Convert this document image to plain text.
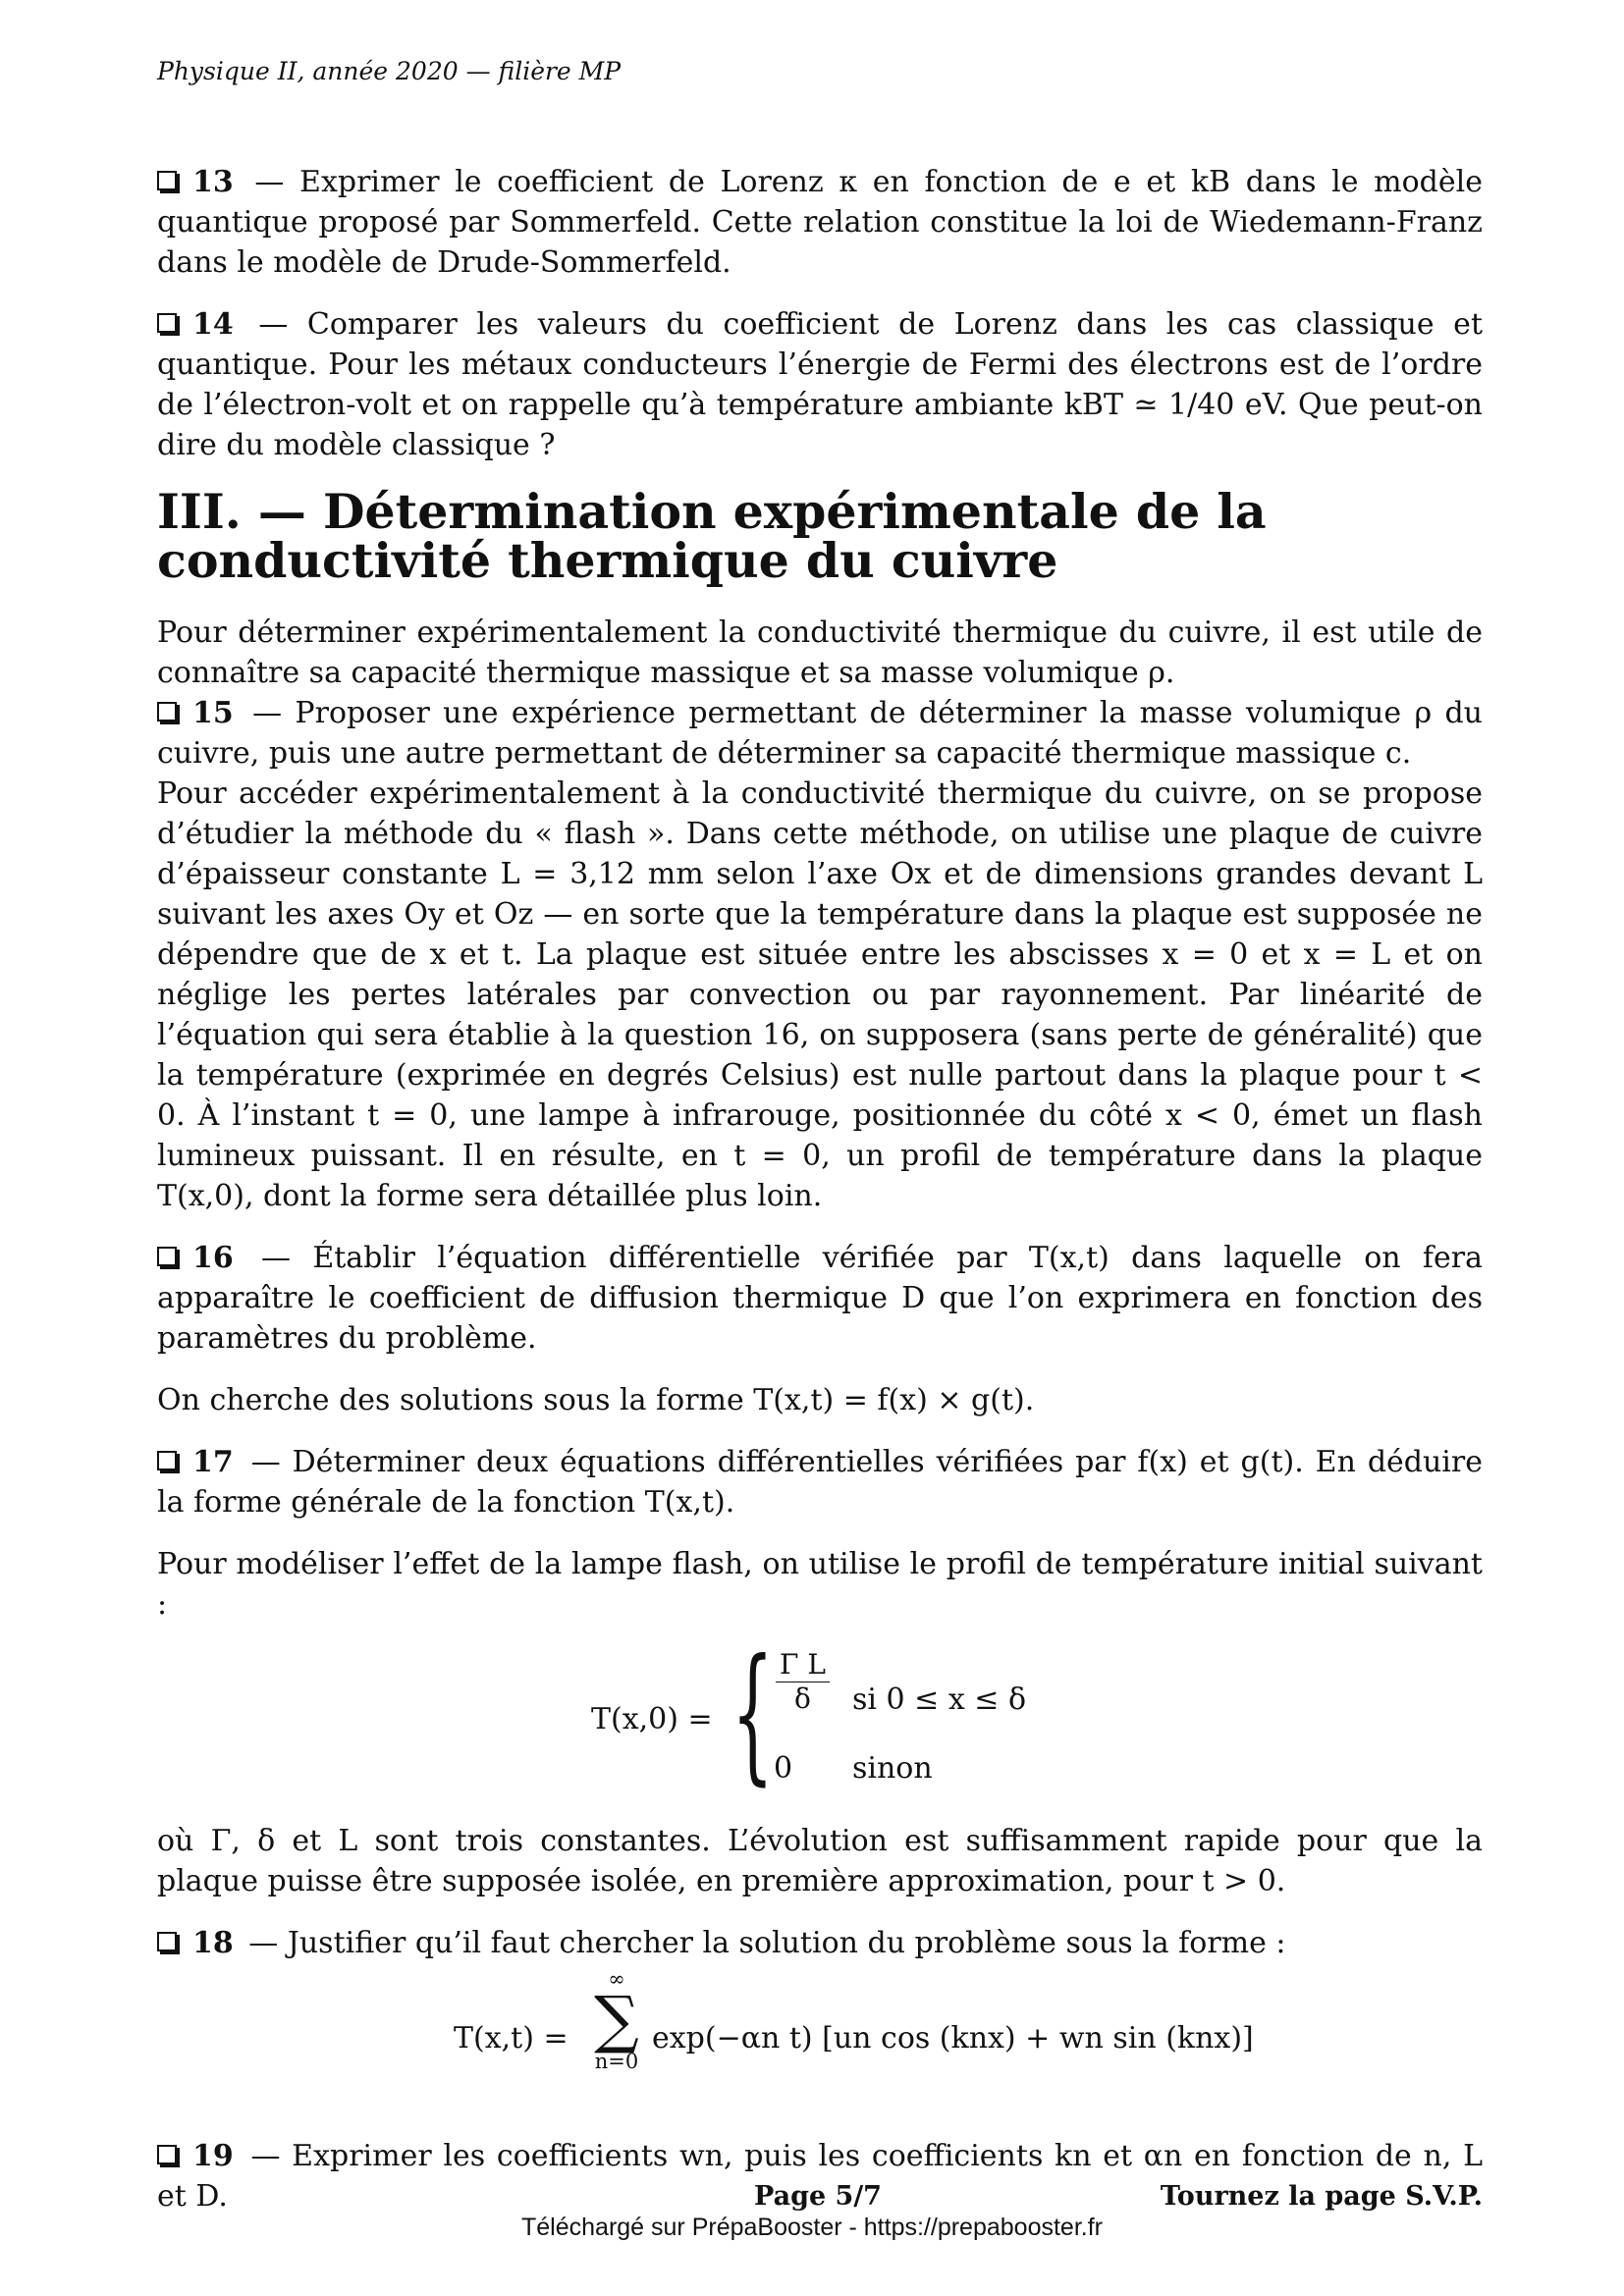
Physique II, année 2020 — filière MP

13 — Exprimer le coefficient de Lorenz κ en fonction de e et kB dans le modèle quantique proposé par Sommerfeld. Cette relation constitue la loi de Wiedemann-Franz dans le modèle de Drude-Sommerfeld.

14 — Comparer les valeurs du coefficient de Lorenz dans les cas classique et quantique. Pour les métaux conducteurs l’énergie de Fermi des électrons est de l’ordre de l’électron-volt et on rappelle qu’à température ambiante kBT ≃ 1/40 eV. Que peut-on dire du modèle classique ?

III. — Détermination expérimentale de la conductivité thermique du cuivre

Pour déterminer expérimentalement la conductivité thermique du cuivre, il est utile de connaître sa capacité thermique massique et sa masse volumique ρ.

15 — Proposer une expérience permettant de déterminer la masse volumique ρ du cuivre, puis une autre permettant de déterminer sa capacité thermique massique c.

Pour accéder expérimentalement à la conductivité thermique du cuivre, on se propose d’étudier la méthode du « flash ». Dans cette méthode, on utilise une plaque de cuivre d’épaisseur constante L = 3,12 mm selon l’axe Ox et de dimensions grandes devant L suivant les axes Oy et Oz — en sorte que la température dans la plaque est supposée ne dépendre que de x et t. La plaque est située entre les abscisses x = 0 et x = L et on néglige les pertes latérales par convection ou par rayonnement. Par linéarité de l’équation qui sera établie à la question 16, on supposera (sans perte de généralité) que la température (exprimée en degrés Celsius) est nulle partout dans la plaque pour t < 0. À l’instant t = 0, une lampe à infrarouge, positionnée du côté x < 0, émet un flash lumineux puissant. Il en résulte, en t = 0, un profil de température dans la plaque T(x,0), dont la forme sera détaillée plus loin.

16 — Établir l’équation différentielle vérifiée par T(x,t) dans laquelle on fera apparaître le coefficient de diffusion thermique D que l’on exprimera en fonction des paramètres du problème.

On cherche des solutions sous la forme T(x,t) = f(x) × g(t).

17 — Déterminer deux équations différentielles vérifiées par f(x) et g(t). En déduire la forme générale de la fonction T(x,t).

Pour modéliser l’effet de la lampe flash, on utilise le profil de température initial suivant :

T(x,0) = { $\frac{\text{Γ L}}{\delta}$ si 0 ≤ x ≤ δ
0 sinon

où Γ, δ et L sont trois constantes. L’évolution est suffisamment rapide pour que la plaque puisse être supposée isolée, en première approximation, pour t > 0.

18 — Justifier qu’il faut chercher la solution du problème sous la forme :

T(x,t) =
∞
∑
n=0
exp(−αn t) [un cos (knx) + wn sin (knx)]

19 — Exprimer les coefficients wn, puis les coefficients kn et αn en fonction de n, L et D.	Page 5/7	Tournez la page S.V.P.
Téléchargé sur PrépaBooster - https://prepabooster.fr
